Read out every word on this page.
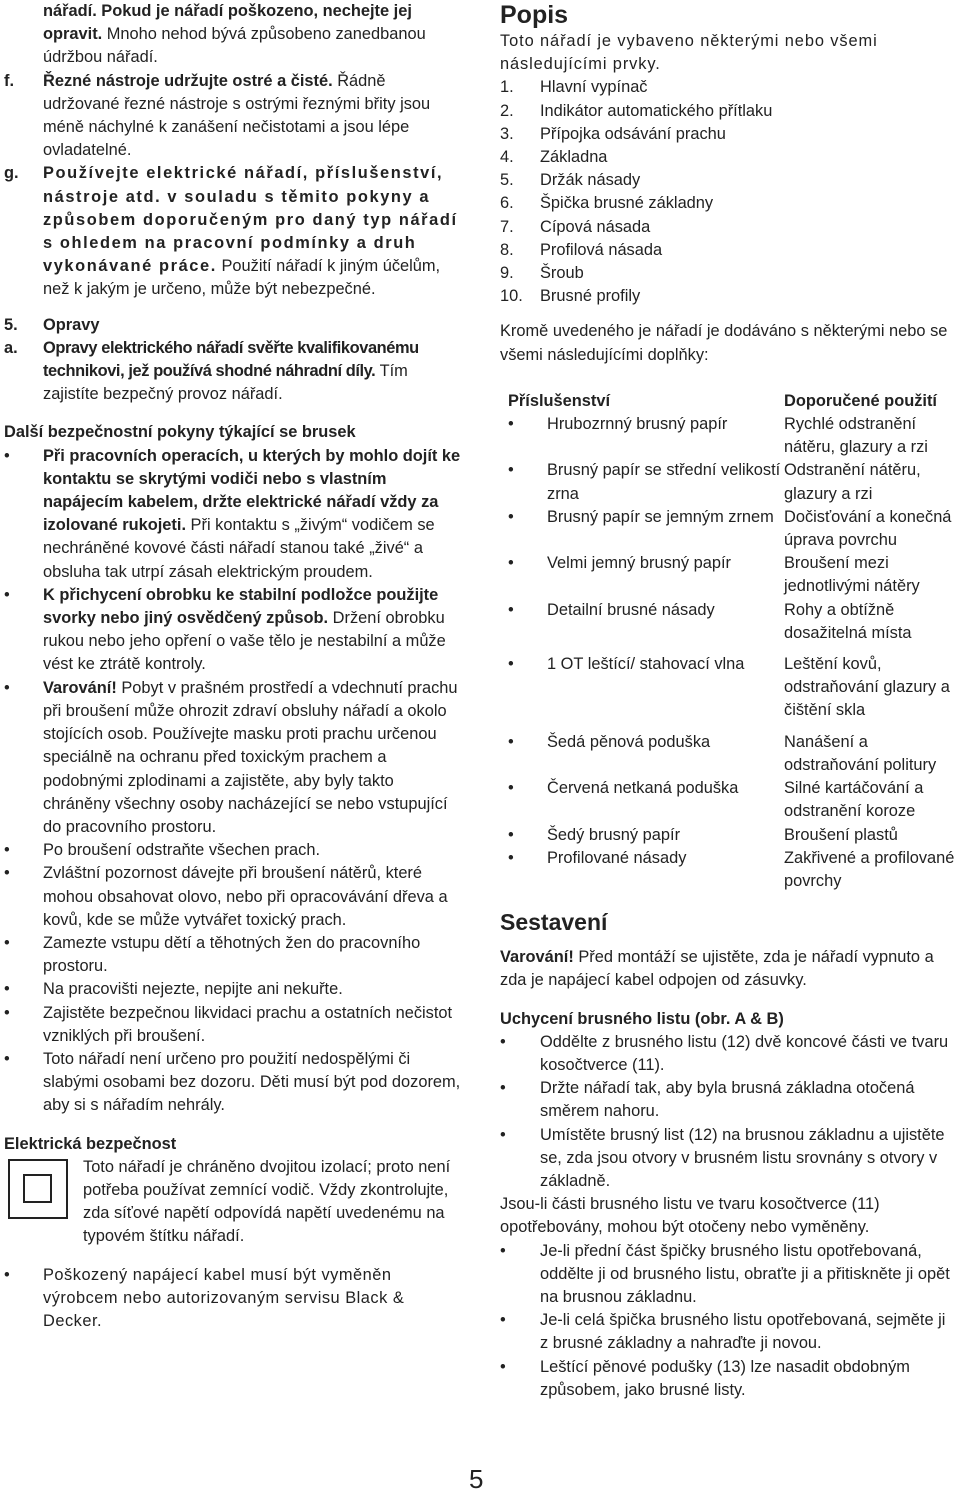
nářadí. Pokud je nářadí poškozeno, nechejte jej opravit. Mnoho nehod bývá způsobeno zanedbanou údržbou nářadí.

f. Řezné nástroje udržujte ostré a čisté. Řádně udržované řezné nástroje s ostrými řeznými břity jsou méně náchylné k zanášení nečistotami a jsou lépe ovladatelné.

g. Používejte elektrické nářadí, příslušenství, nástroje atd. v souladu s těmito pokyny a způsobem doporučeným pro daný typ nářadí s ohledem na pracovní podmínky a druh vykonávané práce. Použití nářadí k jiným účelům, než k jakým je určeno, může být nebezpečné.

5. Opravy

a. Opravy elektrického nářadí svěřte kvalifikovanému technikovi, jež používá shodné náhradní díly. Tím zajistíte bezpečný provoz nářadí.

Další bezpečnostní pokyny týkající se brusek

• Při pracovních operacích, u kterých by mohlo dojít ke kontaktu se skrytými vodiči nebo s vlastním napájecím kabelem, držte elektrické nářadí vždy za izolované rukojeti. Při kontaktu s „živým“ vodičem se nechráněné kovové části nářadí stanou také „živé“ a obsluha tak utrpí zásah elektrickým proudem.

• K přichycení obrobku ke stabilní podložce použijte svorky nebo jiný osvědčený způsob. Držení obrobku rukou nebo jeho opření o vaše tělo je nestabilní a může vést ke ztrátě kontroly.

• Varování! Pobyt v prašném prostředí a vdechnutí prachu při broušení může ohrozit zdraví obsluhy nářadí a okolo stojících osob. Používejte masku proti prachu určenou speciálně na ochranu před toxickým prachem a podobnými zplodinami a zajistěte, aby byly takto chráněny všechny osoby nacházející se nebo vstupující do pracovního prostoru.

• Po broušení odstraňte všechen prach.

• Zvláštní pozornost dávejte při broušení nátěrů, které mohou obsahovat olovo, nebo při opracovávání dřeva a kovů, kde se může vytvářet toxický prach.

• Zamezte vstupu dětí a těhotných žen do pracovního prostoru.

• Na pracovišti nejezte, nepijte ani nekuřte.

• Zajistěte bezpečnou likvidaci prachu a ostatních nečistot vzniklých při broušení.

• Toto nářadí není určeno pro použití nedospělými či slabými osobami bez dozoru. Děti musí být pod dozorem, aby si s nářadím nehrály.

Elektrická bezpečnost

Toto nářadí je chráněno dvojitou izolací; proto není potřeba používat zemnící vodič. Vždy zkontrolujte, zda síťové napětí odpovídá napětí uvedenému na typovém štítku nářadí.

• Poškozený napájecí kabel musí být vyměněn výrobcem nebo autorizovaným servisu Black & Decker.

Popis

Toto nářadí je vybaveno některými nebo všemi následujícími prvky.

1. Hlavní vypínač

2. Indikátor automatického přítlaku

3. Přípojka odsávání prachu

4. Základna

5. Držák násady

6. Špička brusné základny

7. Cípová násada

8. Profilová násada

9. Šroub

10. Brusné profily

Kromě uvedeného je nářadí je dodáváno s některými nebo se všemi následujícími doplňky:

Příslušenství	Doporučené použití

• Hrubozrnný brusný papír	Rychlé odstranění nátěru, glazury a rzi

• Brusný papír se střední velikostí zrna	Odstranění nátěru, glazury a rzi

• Brusný papír se jemným zrnem	Dočisťování a konečná úprava povrchu

• Velmi jemný brusný papír	Broušení mezi jednotlivými nátěry

• Detailní brusné násady	Rohy a obtížně dosažitelná místa

• 1 OT leštící/ stahovací vlna	Leštění kovů, odstraňování glazury a čištění skla

• Šedá pěnová poduška	Nanášení a odstraňování politury

• Červená netkaná poduška	Silné kartáčování a odstranění koroze

• Šedý brusný papír	Broušení plastů

• Profilované násady	Zakřivené a profilované povrchy

Sestavení

Varování! Před montáží se ujistěte, zda je nářadí vypnuto a zda je napájecí kabel odpojen od zásuvky.

Uchycení brusného listu (obr. A & B)

• Oddělte z brusného listu (12) dvě koncové části ve tvaru kosočtverce (11).

• Držte nářadí tak, aby byla brusná základna otočená směrem nahoru.

• Umístěte brusný list (12) na brusnou základnu a ujistěte se, zda jsou otvory v brusném listu srovnány s otvory v základně.

Jsou-li části brusného listu ve tvaru kosočtverce (11) opotřebovány, mohou být otočeny nebo vyměněny.

• Je-li přední část špičky brusného listu opotřebovaná, oddělte ji od brusného listu, obraťte ji a přitiskněte ji opět na brusnou základnu.

• Je-li celá špička brusného listu opotřebovaná, sejměte ji z brusné základny a nahraďte ji novou.

• Leštící pěnové podušky (13) lze nasadit obdobným způsobem, jako brusné listy.

5
